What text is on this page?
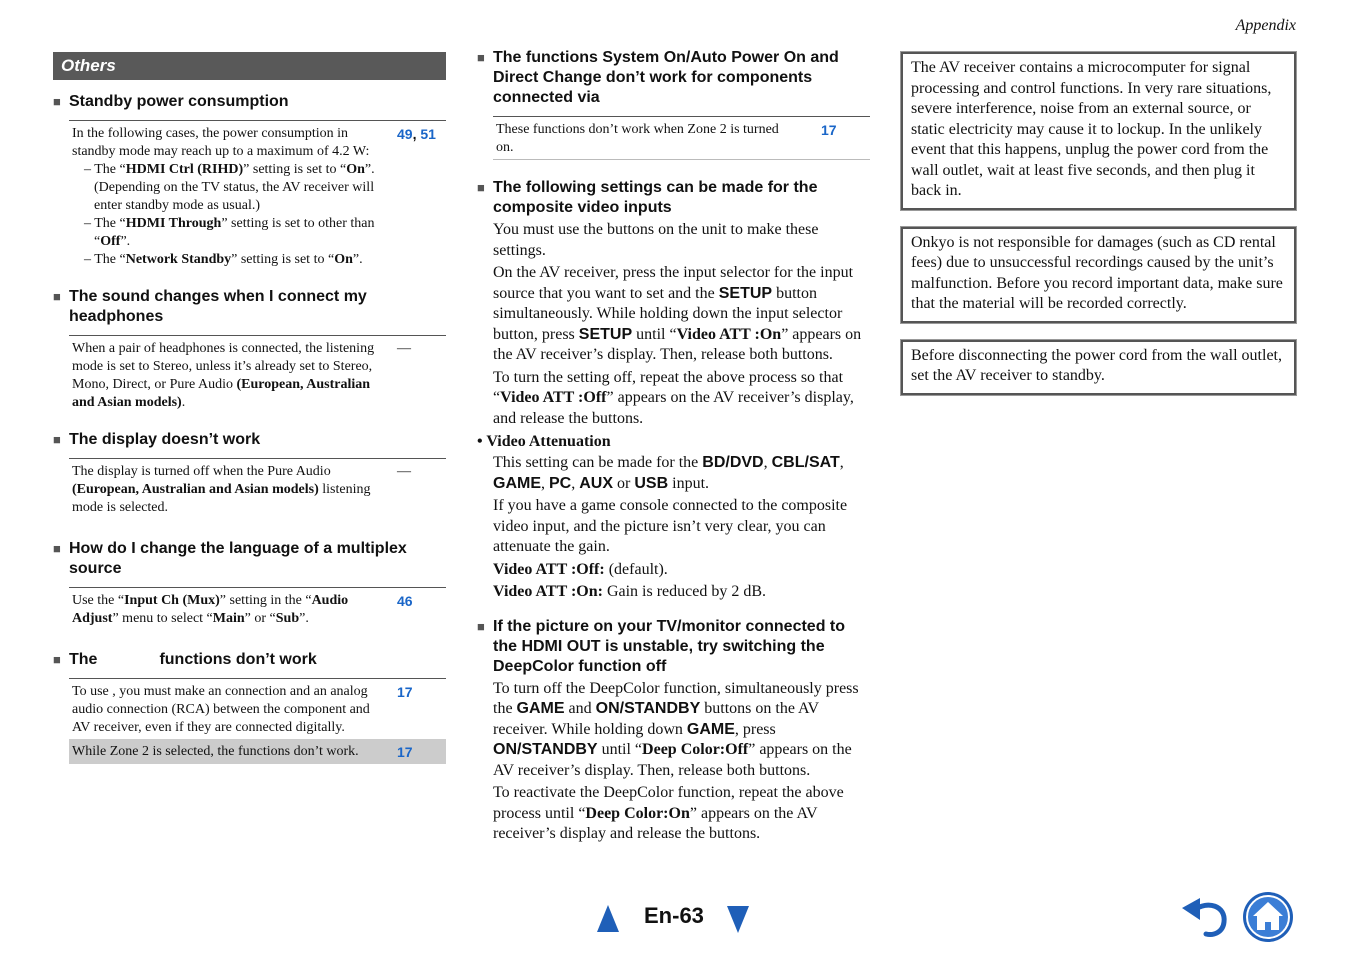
Appendix
Others
■ Standby power consumption
In the following cases, the power consumption in standby mode may reach up to a maximum of 4.2 W:
– The “HDMI Ctrl (RIHD)” setting is set to “On”. (Depending on the TV status, the AV receiver will enter standby mode as usual.)
– The “HDMI Through” setting is set to other than “Off”.
– The “Network Standby” setting is set to “On”.
49, 51
■ The sound changes when I connect my headphones
When a pair of headphones is connected, the listening mode is set to Stereo, unless it’s already set to Stereo, Mono, Direct, or Pure Audio (European, Australian and Asian models).
—
■ The display doesn’t work
The display is turned off when the Pure Audio (European, Australian and Asian models) listening mode is selected.
—
■ How do I change the language of a multiplex source
Use the “Input Ch (Mux)” setting in the “Audio Adjust” menu to select “Main” or “Sub”.
46
■ The	functions don’t work
To use , you must make an connection and an analog audio connection (RCA) between the component and AV receiver, even if they are connected digitally.
17
While Zone 2 is selected, the functions don’t work.	17
■ The functions System On/Auto Power On and Direct Change don’t work for components connected via
These functions don’t work when Zone 2 is turned on.
17
■ The following settings can be made for the composite video inputs

You must use the buttons on the unit to make these settings.

On the AV receiver, press the input selector for the input source that you want to set and the SETUP button simultaneously. While holding down the input selector button, press SETUP until “Video ATT :On” appears on the AV receiver’s display. Then, release both buttons.

To turn the setting off, repeat the above process so that “Video ATT :Off” appears on the AV receiver’s display, and release the buttons.

• Video Attenuation

This setting can be made for the BD/DVD, CBL/SAT, GAME, PC, AUX or USB input.

If you have a game console connected to the composite video input, and the picture isn’t very clear, you can attenuate the gain.

Video ATT :Off: (default).

Video ATT :On: Gain is reduced by 2 dB.

■ If the picture on your TV/monitor connected to the HDMI OUT is unstable, try switching the DeepColor function off

To turn off the DeepColor function, simultaneously press the GAME and ON/STANDBY buttons on the AV receiver. While holding down GAME, press ON/STANDBY until “Deep Color:Off” appears on the AV receiver’s display. Then, release both buttons.

To reactivate the DeepColor function, repeat the above process until “Deep Color:On” appears on the AV receiver’s display and release the buttons.

The AV receiver contains a microcomputer for signal processing and control functions. In very rare situations, severe interference, noise from an external source, or static electricity may cause it to lockup. In the unlikely event that this happens, unplug the power cord from the wall outlet, wait at least five seconds, and then plug it back in.
Onkyo is not responsible for damages (such as CD rental fees) due to unsuccessful recordings caused by the unit’s malfunction. Before you record important data, make sure that the material will be recorded correctly.
Before disconnecting the power cord from the wall outlet, set the AV receiver to standby.
En-63
